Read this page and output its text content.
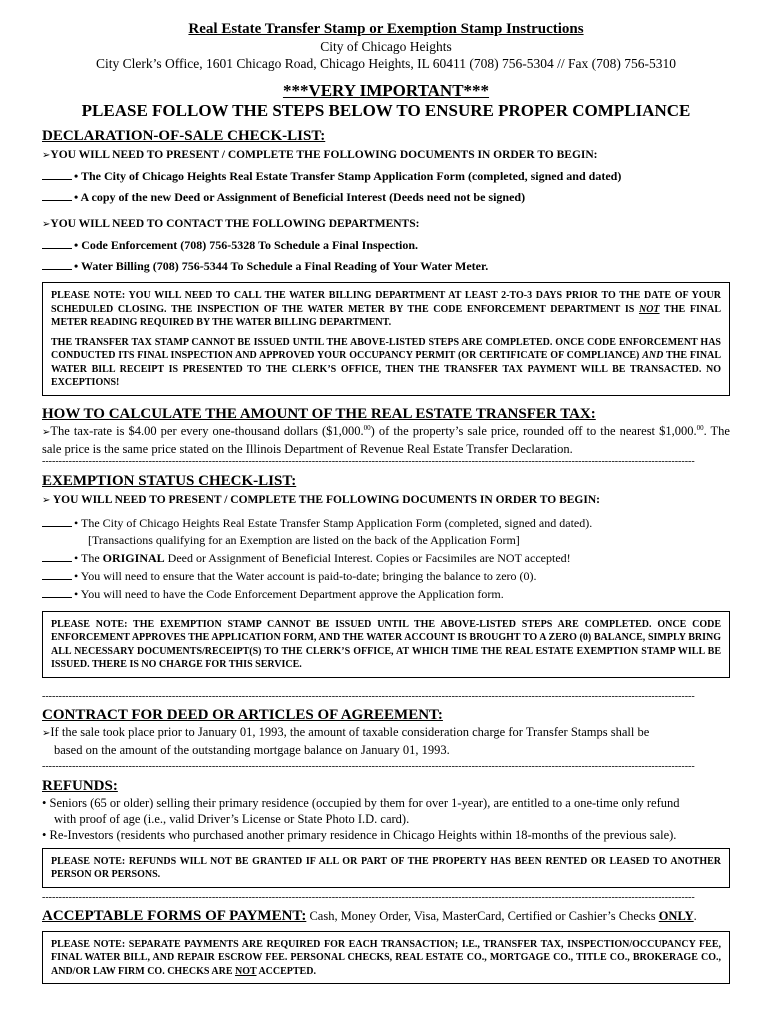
Real Estate Transfer Stamp or Exemption Stamp Instructions
City of Chicago Heights
City Clerk’s Office, 1601 Chicago Road, Chicago Heights, IL 60411 (708) 756-5304 // Fax (708) 756-5310
***VERY IMPORTANT***
PLEASE FOLLOW THE STEPS BELOW TO ENSURE PROPER COMPLIANCE
DECLARATION-OF-SALE CHECK-LIST:
➢YOU WILL NEED TO PRESENT / COMPLETE THE FOLLOWING DOCUMENTS IN ORDER TO BEGIN:
• The City of Chicago Heights Real Estate Transfer Stamp Application Form (completed, signed and dated)
• A copy of the new Deed or Assignment of Beneficial Interest (Deeds need not be signed)
➢YOU WILL NEED TO CONTACT THE FOLLOWING DEPARTMENTS:
• Code Enforcement (708) 756-5328 To Schedule a Final Inspection.
• Water Billing (708) 756-5344 To Schedule a Final Reading of Your Water Meter.
PLEASE NOTE: YOU WILL NEED TO CALL THE WATER BILLING DEPARTMENT AT LEAST 2-TO-3 DAYS PRIOR TO THE DATE OF YOUR SCHEDULED CLOSING. THE INSPECTION OF THE WATER METER BY THE CODE ENFORCEMENT DEPARTMENT IS NOT THE FINAL METER READING REQUIRED BY THE WATER BILLING DEPARTMENT.
THE TRANSFER TAX STAMP CANNOT BE ISSUED UNTIL THE ABOVE-LISTED STEPS ARE COMPLETED. ONCE CODE ENFORCEMENT HAS CONDUCTED ITS FINAL INSPECTION AND APPROVED YOUR OCCUPANCY PERMIT (OR CERTIFICATE OF COMPLIANCE) AND THE FINAL WATER BILL RECEIPT IS PRESENTED TO THE CLERK’S OFFICE, THEN THE TRANSFER TAX PAYMENT WILL BE TRANSACTED. NO EXCEPTIONS!
HOW TO CALCULATE THE AMOUNT OF THE REAL ESTATE TRANSFER TAX:
➢The tax-rate is $4.00 per every one-thousand dollars ($1,000.00) of the property’s sale price, rounded off to the nearest $1,000.00. The sale price is the same price stated on the Illinois Department of Revenue Real Estate Transfer Declaration.
----------------------------------------------------------------------------------------------------------------------------------------------------------------------------------------------------
EXEMPTION STATUS CHECK-LIST:
➢ YOU WILL NEED TO PRESENT / COMPLETE THE FOLLOWING DOCUMENTS IN ORDER TO BEGIN:
• The City of Chicago Heights Real Estate Transfer Stamp Application Form (completed, signed and dated).
[Transactions qualifying for an Exemption are listed on the back of the Application Form]
• The ORIGINAL Deed or Assignment of Beneficial Interest. Copies or Facsimiles are NOT accepted!
• You will need to ensure that the Water account is paid-to-date; bringing the balance to zero (0).
• You will need to have the Code Enforcement Department approve the Application form.
PLEASE NOTE: THE EXEMPTION STAMP CANNOT BE ISSUED UNTIL THE ABOVE-LISTED STEPS ARE COMPLETED. ONCE CODE ENFORCEMENT APPROVES THE APPLICATION FORM, AND THE WATER ACCOUNT IS BROUGHT TO A ZERO (0) BALANCE, SIMPLY BRING ALL NECESSARY DOCUMENTS/RECEIPT(S) TO THE CLERK’S OFFICE, AT WHICH TIME THE REAL ESTATE EXEMPTION STAMP WILL BE ISSUED. THERE IS NO CHARGE FOR THIS SERVICE.
----------------------------------------------------------------------------------------------------------------------------------------------------------------------------------------------------
CONTRACT FOR DEED OR ARTICLES OF AGREEMENT:
➢If the sale took place prior to January 01, 1993, the amount of taxable consideration charge for Transfer Stamps shall be
based on the amount of the outstanding mortgage balance on January 01, 1993.
----------------------------------------------------------------------------------------------------------------------------------------------------------------------------------------------------
REFUNDS:
• Seniors (65 or older) selling their primary residence (occupied by them for over 1-year), are entitled to a one-time only refund
with proof of age (i.e., valid Driver’s License or State Photo I.D. card).
• Re-Investors (residents who purchased another primary residence in Chicago Heights within 18-months of the previous sale).
PLEASE NOTE: REFUNDS WILL NOT BE GRANTED IF ALL OR PART OF THE PROPERTY HAS BEEN RENTED OR LEASED TO ANOTHER PERSON OR PERSONS.
----------------------------------------------------------------------------------------------------------------------------------------------------------------------------------------------------
ACCEPTABLE FORMS OF PAYMENT: Cash, Money Order, Visa, MasterCard, Certified or Cashier’s Checks ONLY.
PLEASE NOTE: SEPARATE PAYMENTS ARE REQUIRED FOR EACH TRANSACTION; I.E., TRANSFER TAX, INSPECTION/OCCUPANCY FEE, FINAL WATER BILL, AND REPAIR ESCROW FEE. PERSONAL CHECKS, REAL ESTATE CO., MORTGAGE CO., TITLE CO., BROKERAGE CO., AND/OR LAW FIRM CO. CHECKS ARE NOT ACCEPTED.
